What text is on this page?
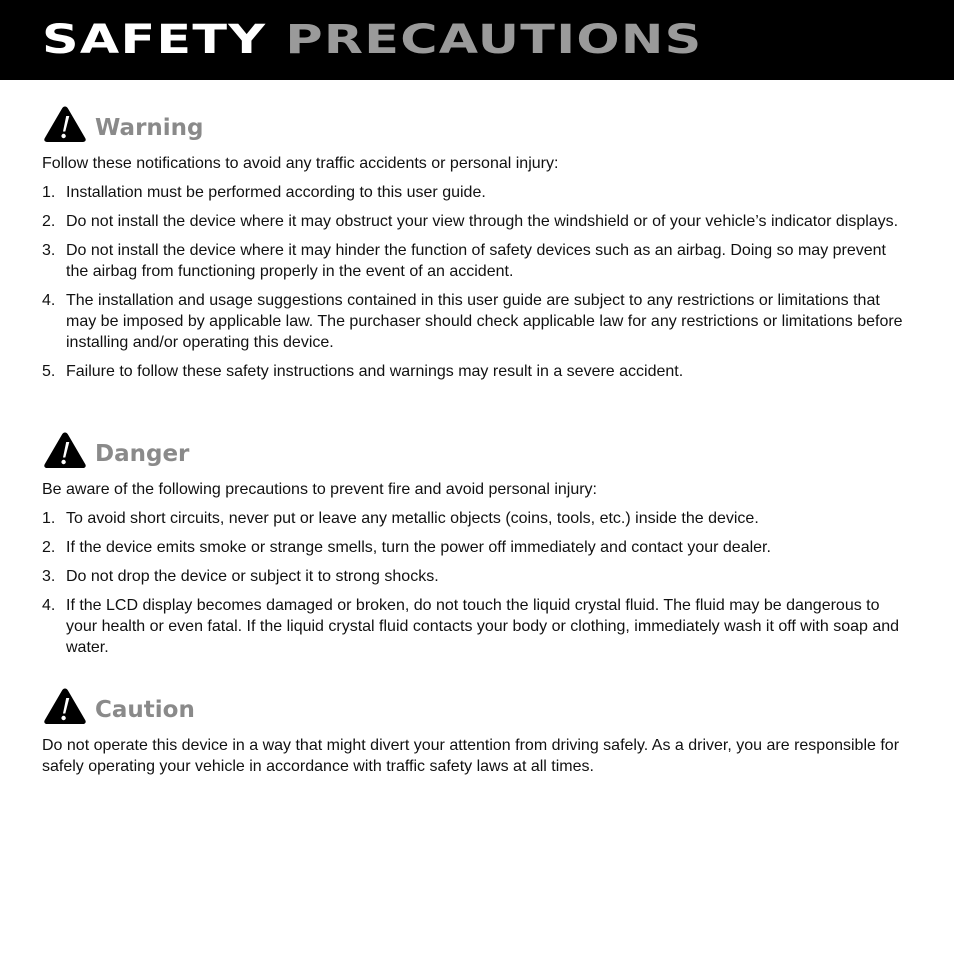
SAFETY PRECAUTIONS
Warning

Follow these notifications to avoid any traffic accidents or personal injury:

1. Installation must be performed according to this user guide.
2. Do not install the device where it may obstruct your view through the windshield or of your vehicle’s indicator displays.
3. Do not install the device where it may hinder the function of safety devices such as an airbag. Doing so may prevent the airbag from functioning properly in the event of an accident.
4. The installation and usage suggestions contained in this user guide are subject to any restrictions or limitations that may be imposed by applicable law. The purchaser should check applicable law for any restrictions or limitations before installing and/or operating this device.
5. Failure to follow these safety instructions and warnings may result in a severe accident.
Danger

Be aware of the following precautions to prevent fire and avoid personal injury:

1. To avoid short circuits, never put or leave any metallic objects (coins, tools, etc.) inside the device.
2. If the device emits smoke or strange smells, turn the power off immediately and contact your dealer.
3. Do not drop the device or subject it to strong shocks.
4. If the LCD display becomes damaged or broken, do not touch the liquid crystal fluid. The fluid may be dangerous to your health or even fatal. If the liquid crystal fluid contacts your body or clothing, immediately wash it off with soap and water.
Caution

Do not operate this device in a way that might divert your attention from driving safely. As a driver, you are responsible for safely operating your vehicle in accordance with traffic safety laws at all times.
